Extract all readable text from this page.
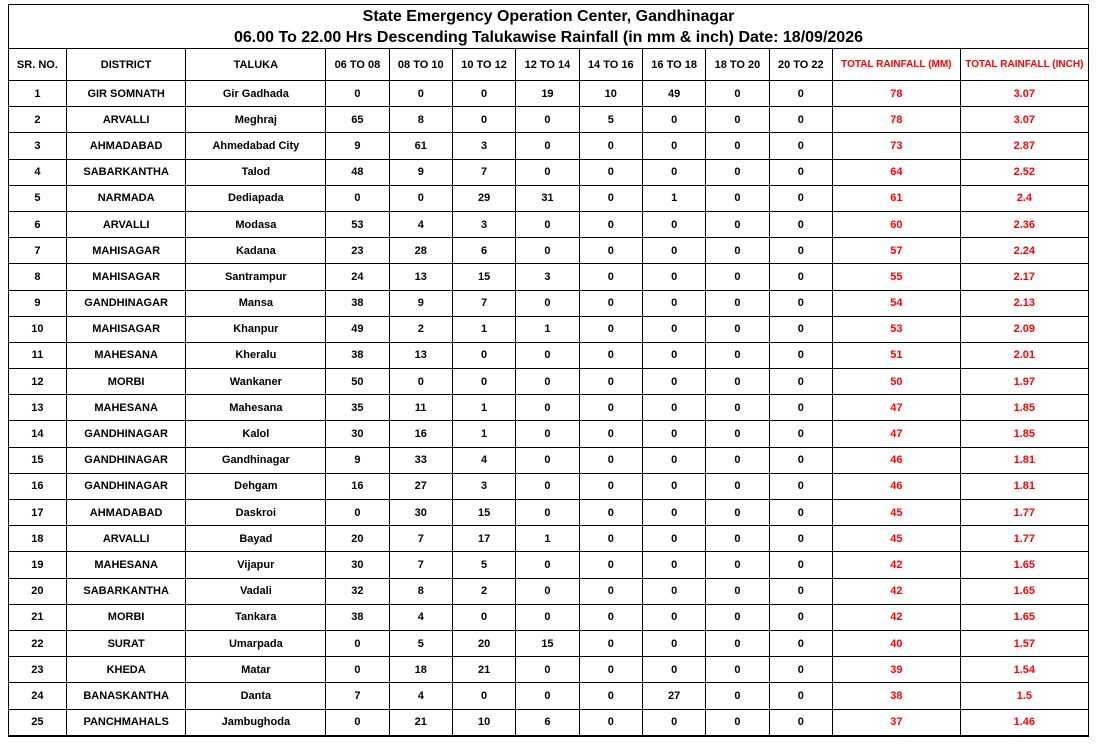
State Emergency Operation Center, Gandhinagar
06.00 To 22.00 Hrs Descending Talukawise Rainfall (in mm & inch) Date: 18/09/2026
SR. NO.	DISTRICT	TALUKA	06 TO 08	08 TO 10	10 TO 12	12 TO 14	14 TO 16	16 TO 18	18 TO 20	20 TO 22	TOTAL RAINFALL (MM)	TOTAL RAINFALL (INCH)
1	GIR SOMNATH	Gir Gadhada	0	0	0	19	10	49	0	0	78	3.07
2	ARVALLI	Meghraj	65	8	0	0	5	0	0	0	78	3.07
3	AHMADABAD	Ahmedabad City	9	61	3	0	0	0	0	0	73	2.87
4	SABARKANTHA	Talod	48	9	7	0	0	0	0	0	64	2.52
5	NARMADA	Dediapada	0	0	29	31	0	1	0	0	61	2.4
6	ARVALLI	Modasa	53	4	3	0	0	0	0	0	60	2.36
7	MAHISAGAR	Kadana	23	28	6	0	0	0	0	0	57	2.24
8	MAHISAGAR	Santrampur	24	13	15	3	0	0	0	0	55	2.17
9	GANDHINAGAR	Mansa	38	9	7	0	0	0	0	0	54	2.13
10	MAHISAGAR	Khanpur	49	2	1	1	0	0	0	0	53	2.09
11	MAHESANA	Kheralu	38	13	0	0	0	0	0	0	51	2.01
12	MORBI	Wankaner	50	0	0	0	0	0	0	0	50	1.97
13	MAHESANA	Mahesana	35	11	1	0	0	0	0	0	47	1.85
14	GANDHINAGAR	Kalol	30	16	1	0	0	0	0	0	47	1.85
15	GANDHINAGAR	Gandhinagar	9	33	4	0	0	0	0	0	46	1.81
16	GANDHINAGAR	Dehgam	16	27	3	0	0	0	0	0	46	1.81
17	AHMADABAD	Daskroi	0	30	15	0	0	0	0	0	45	1.77
18	ARVALLI	Bayad	20	7	17	1	0	0	0	0	45	1.77
19	MAHESANA	Vijapur	30	7	5	0	0	0	0	0	42	1.65
20	SABARKANTHA	Vadali	32	8	2	0	0	0	0	0	42	1.65
21	MORBI	Tankara	38	4	0	0	0	0	0	0	42	1.65
22	SURAT	Umarpada	0	5	20	15	0	0	0	0	40	1.57
23	KHEDA	Matar	0	18	21	0	0	0	0	0	39	1.54
24	BANASKANTHA	Danta	7	4	0	0	0	27	0	0	38	1.5
25	PANCHMAHALS	Jambughoda	0	21	10	6	0	0	0	0	37	1.46
